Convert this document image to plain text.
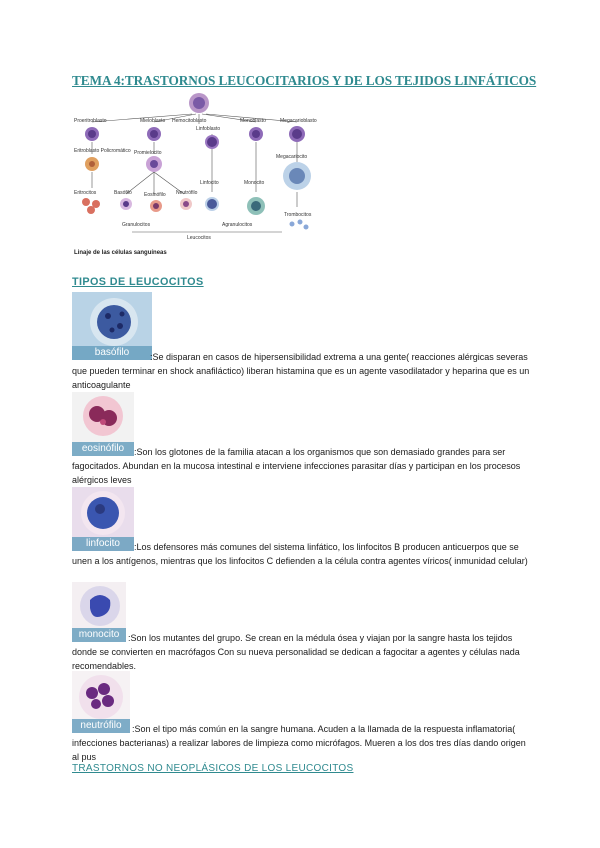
TEMA 4:TRASTORNOS LEUCOCITARIOS Y DE LOS TEJIDOS LINFÁTICOS
Hemocitoblasto
Proeritroblasto	Mieloblasto
Linfoblasto
Monoblasto	Megacarioblasto
Eritroblasto Policromático Promielocito
Megacariocito
Eritrocitos	Basófilo Eosinófilo Neutrófilo
Linfocito	Monocito
Trombocitos
Granulocitos	Agranulocitos
Leucocitos
Linaje de las células sanguíneas
TIPOS DE LEUCOCITOS
basófilo	:Se disparan en casos de hipersensibilidad extrema a una gente( reacciones alérgicas severas que pueden terminar en shock anafiláctico) liberan histamina que es un agente vasodilatador y heparina que es un anticoagulante
eosinófilo	:Son los glotones de la familia atacan a los organismos que son demasiado grandes para ser fagocitados. Abundan en la mucosa intestinal e interviene infecciones parasitar días y participan en los procesos alérgicos leves
linfocito	:Los defensores más comunes del sistema linfático, los linfocitos B producen anticuerpos que se unen a los antígenos, mientras que los linfocitos C defienden a la célula contra agentes víricos( inmunidad celular)
monocito :Son los mutantes del grupo. Se crean en la médula ósea y viajan por la sangre hasta los tejidos donde se convierten en macrófagos Con su nueva personalidad se dedican a fagocitar a agentes y células nada recomendables.
neutrófilo	:Son el tipo más común en la sangre humana. Acuden a la llamada de la respuesta inflamatoria( infecciones bacterianas) a realizar labores de limpieza como micrófagos. Mueren a los dos tres días dando origen al pus
TRASTORNOS NO NEOPLÁSICOS DE LOS LEUCOCITOS
